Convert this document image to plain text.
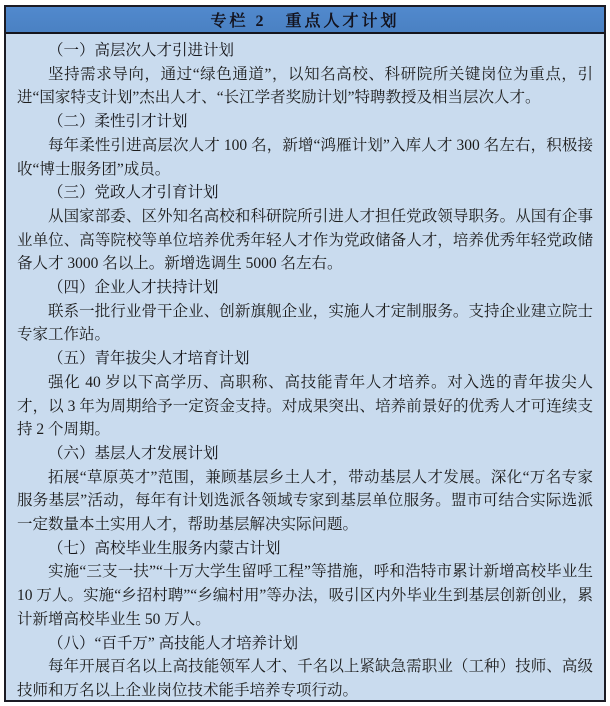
专栏 2　重点人才计划

（一）高层次人才引进计划

坚持需求导向，通过“绿色通道”，以知名高校、科研院所关键岗位为重点，引进“国家特支计划”杰出人才、“长江学者奖励计划”特聘教授及相当层次人才。

（二）柔性引才计划

每年柔性引进高层次人才 100 名，新增“鸿雁计划”入库人才 300 名左右，积极接收“博士服务团”成员。

（三）党政人才引育计划

从国家部委、区外知名高校和科研院所引进人才担任党政领导职务。从国有企事业单位、高等院校等单位培养优秀年轻人才作为党政储备人才，培养优秀年轻党政储备人才 3000 名以上。新增选调生 5000 名左右。

（四）企业人才扶持计划

联系一批行业骨干企业、创新旗舰企业，实施人才定制服务。支持企业建立院士专家工作站。

（五）青年拔尖人才培育计划

强化 40 岁以下高学历、高职称、高技能青年人才培养。对入选的青年拔尖人才，以 3 年为周期给予一定资金支持。对成果突出、培养前景好的优秀人才可连续支持 2 个周期。

（六）基层人才发展计划

拓展“草原英才”范围，兼顾基层乡土人才，带动基层人才发展。深化“万名专家服务基层”活动，每年有计划选派各领域专家到基层单位服务。盟市可结合实际选派一定数量本土实用人才，帮助基层解决实际问题。

（七）高校毕业生服务内蒙古计划

实施“三支一扶”“十万大学生留呼工程”等措施，呼和浩特市累计新增高校毕业生 10 万人。实施“乡招村聘”“乡编村用”等办法，吸引区内外毕业生到基层创新创业，累计新增高校毕业生 50 万人。

（八）“百千万” 高技能人才培养计划

每年开展百名以上高技能领军人才、千名以上紧缺急需职业（工种）技师、高级技师和万名以上企业岗位技术能手培养专项行动。
